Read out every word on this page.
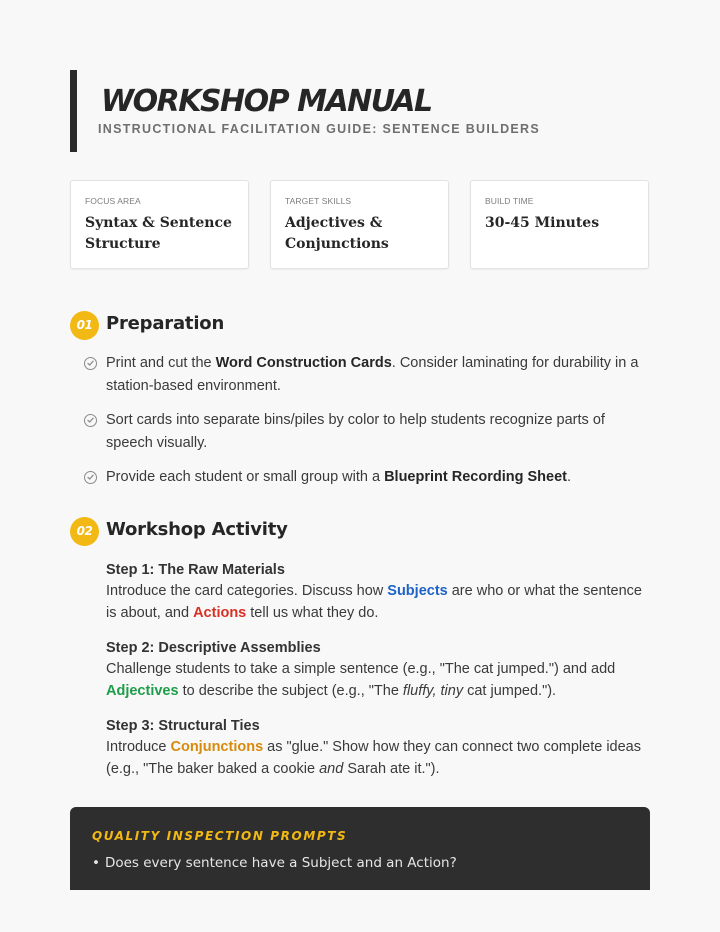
WORKSHOP MANUAL
INSTRUCTIONAL FACILITATION GUIDE: SENTENCE BUILDERS
FOCUS AREA
Syntax & Sentence
Structure
TARGET SKILLS
Adjectives &
Conjunctions
BUILD TIME
30-45 Minutes
01 Preparation
Print and cut the Word Construction Cards. Consider laminating for durability in a station-based environment.
Sort cards into separate bins/piles by color to help students recognize parts of speech visually.
Provide each student or small group with a Blueprint Recording Sheet.
02 Workshop Activity
Step 1: The Raw Materials
Introduce the card categories. Discuss how Subjects are who or what the sentence is about, and Actions tell us what they do.
Step 2: Descriptive Assemblies
Challenge students to take a simple sentence (e.g., "The cat jumped.") and add Adjectives to describe the subject (e.g., "The fluffy, tiny cat jumped.").
Step 3: Structural Ties
Introduce Conjunctions as "glue." Show how they can connect two complete ideas (e.g., "The baker baked a cookie and Sarah ate it.").
QUALITY INSPECTION PROMPTS
• Does every sentence have a Subject and an Action?
